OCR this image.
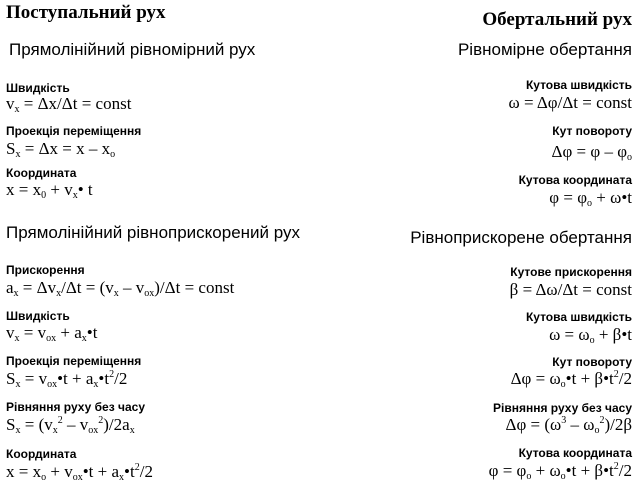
Поступальний рух
Прямолінійний рівномірний рух
Швидкість
$v_x = \Delta x/\Delta t$ = const
Проекція переміщення
$S_x = \Delta x = x - x_o$
Координата
$x = x_0$ + $v_x•$ t
Прямолінійний рівноприскорений рух
Прискорення
$a_x = \Delta v_x/\Delta t = (v_x - v_{ox})/\Delta t$ = const
Швидкість
$v_x = v_{ox}$ + $a_x•t$
Проекція переміщення
$S_x$ = $v_{ox}•t$ + $a_x•t^2/2$
Рівняння руху без часу
$S_x = (v_x^2 - v_{ox}^2)/2a_x$
Координата
$x = x_o$ + $v_{ox}•t$ + $a_x•t^2/2$
Обертальний рух
Рівномірне обертання
Кутова швидкість
ω = Δφ/Δt = const
Кут повороту
$\Delta\varphi = \varphi - \varphi_o$
Кутова координата
$\varphi = \varphi_o$ + ω•t
Рівноприскорене обертання
Кутове прискорення
β = Δω/Δt = const
Кутова швидкість
$\omega = \omega_o$ + β•t
Кут повороту
$\Delta\varphi = \omega_o•t$ + $\beta•t^2/2$
Рівняння руху без часу
$\Delta\varphi = (\omega^3 - \omega_o^2)/2\beta$
Кутова координата
$\varphi = \varphi_o$ + $\omega_o•t$ + $\beta•t^2/2$
